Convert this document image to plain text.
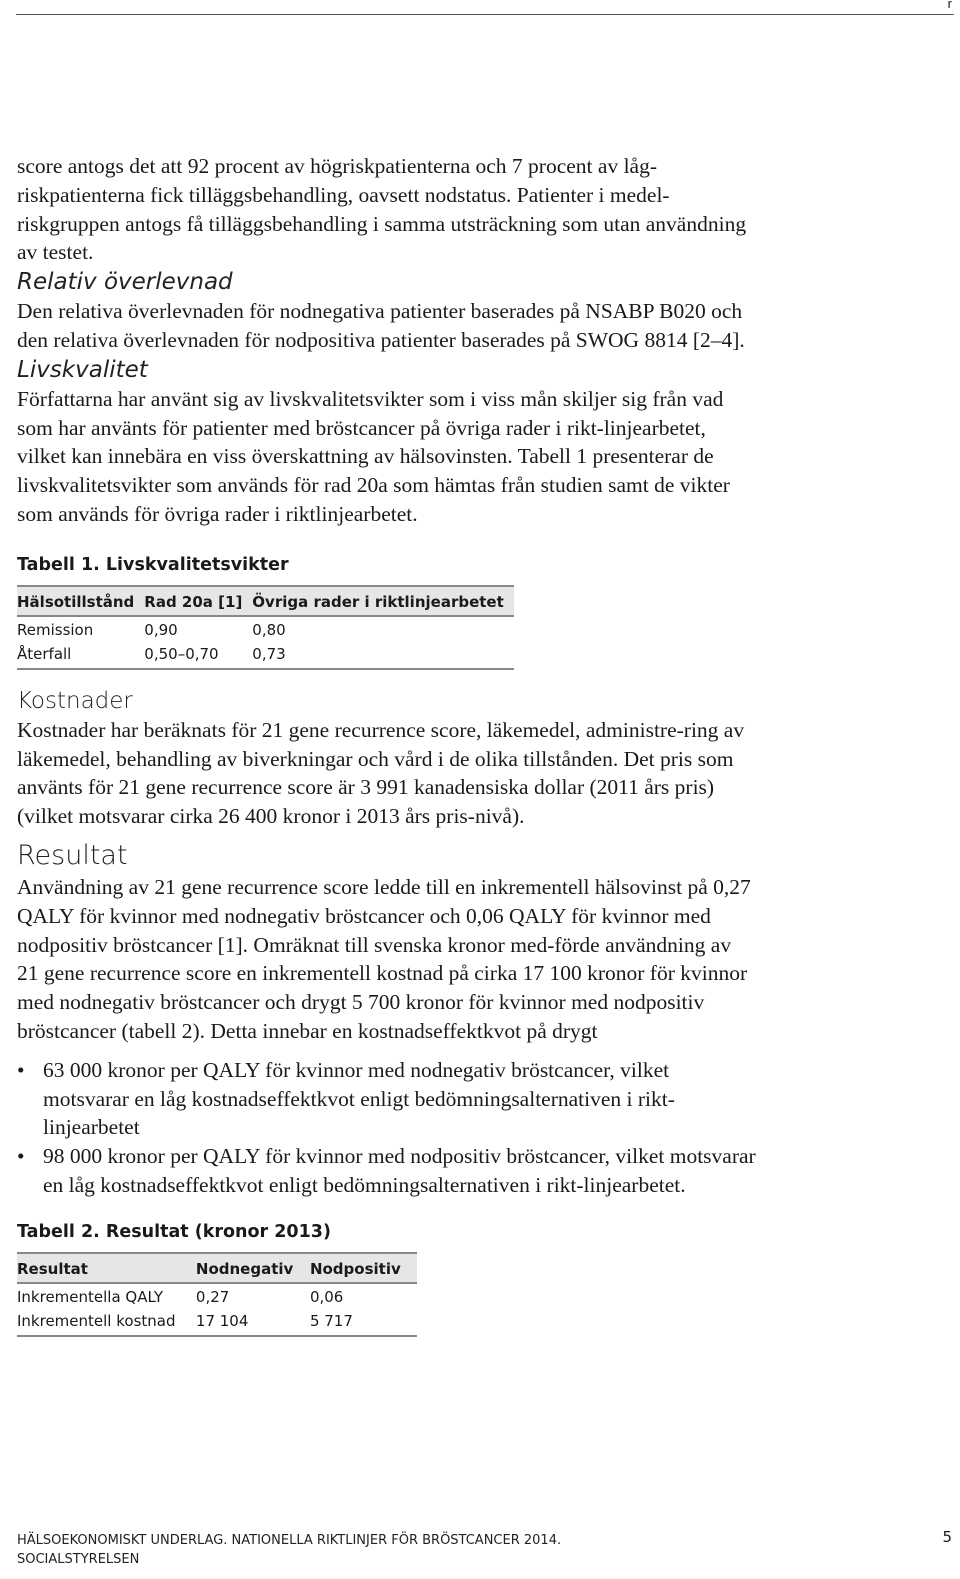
r

score antogs det att 92 procent av högriskpatienterna och 7 procent av låg-riskpatienterna fick tilläggsbehandling, oavsett nodstatus. Patienter i medel-riskgruppen antogs få tilläggsbehandling i samma utsträckning som utan användning av testet.

Relativ överlevnad

Den relativa överlevnaden för nodnegativa patienter baserades på NSABP B020 och den relativa överlevnaden för nodpositiva patienter baserades på SWOG 8814 [2–4].

Livskvalitet

Författarna har använt sig av livskvalitetsvikter som i viss mån skiljer sig från vad som har använts för patienter med bröstcancer på övriga rader i rikt-linjearbetet, vilket kan innebära en viss överskattning av hälsovinsten. Tabell 1 presenterar de livskvalitetsvikter som används för rad 20a som hämtas från studien samt de vikter som används för övriga rader i riktlinjearbetet.

Tabell 1. Livskvalitetsvikter
Hälsotillstånd	Rad 20a [1]	Övriga rader i riktlinjearbetet
Remission	0,90	0,80
Återfall	0,50–0,70	0,73
Kostnader

Kostnader har beräknats för 21 gene recurrence score, läkemedel, administre-ring av läkemedel, behandling av biverkningar och vård i de olika tillstånden. Det pris som använts för 21 gene recurrence score är 3 991 kanadensiska dollar (2011 års pris) (vilket motsvarar cirka 26 400 kronor i 2013 års pris-nivå).

Resultat

Användning av 21 gene recurrence score ledde till en inkrementell hälsovinst på 0,27 QALY för kvinnor med nodnegativ bröstcancer och 0,06 QALY för kvinnor med nodpositiv bröstcancer [1]. Omräknat till svenska kronor med-förde användning av 21 gene recurrence score en inkrementell kostnad på cirka 17 100 kronor för kvinnor med nodnegativ bröstcancer och drygt 5 700 kronor för kvinnor med nodpositiv bröstcancer (tabell 2). Detta innebar en kostnadseffektkvot på drygt

• 63 000 kronor per QALY för kvinnor med nodnegativ bröstcancer, vilket motsvarar en låg kostnadseffektkvot enligt bedömningsalternativen i rikt-linjearbetet
• 98 000 kronor per QALY för kvinnor med nodpositiv bröstcancer, vilket motsvarar en låg kostnadseffektkvot enligt bedömningsalternativen i rikt-linjearbetet.
Tabell 2. Resultat (kronor 2013)
Resultat	Nodnegativ	Nodpositiv
Inkrementella QALY	0,27	0,06
Inkrementell kostnad	17 104	5 717
HÄLSOEKONOMISKT UNDERLAG. NATIONELLA RIKTLINJER FÖR BRÖSTCANCER 2014.
SOCIALSTYRELSEN
5
